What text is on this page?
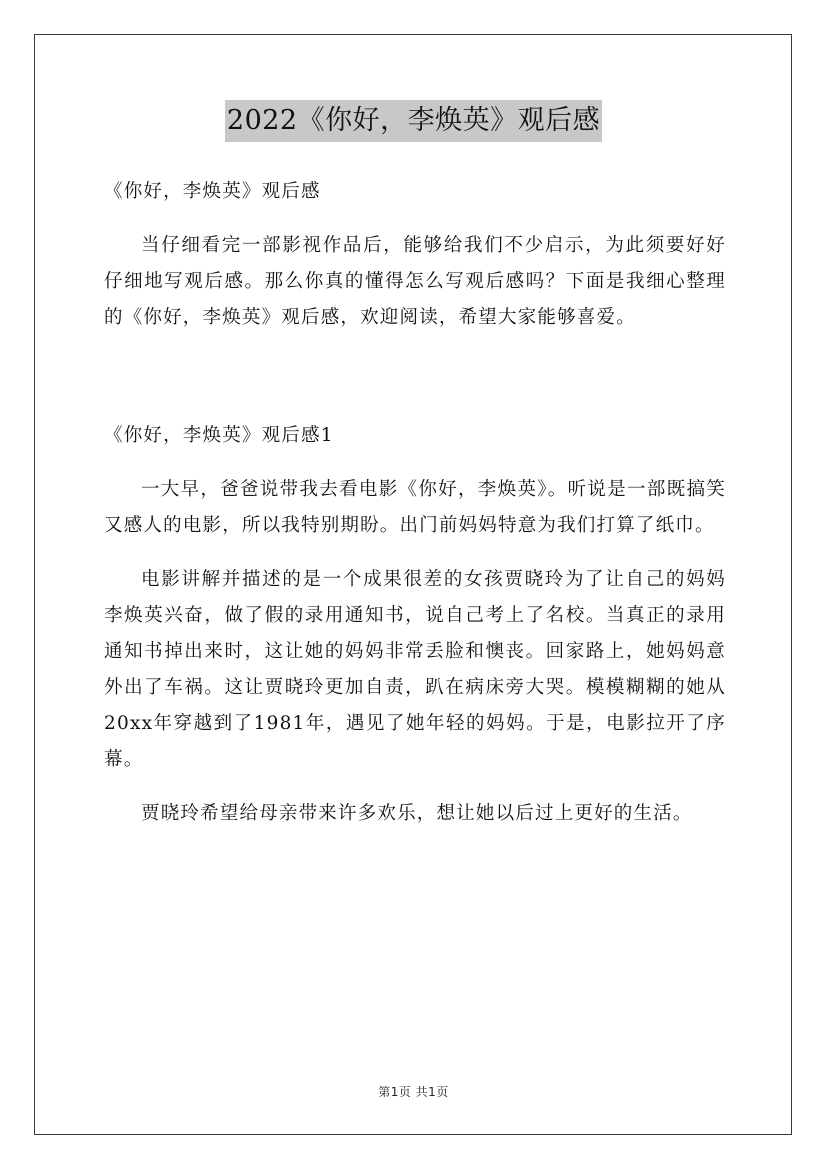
2022《你好，李焕英》观后感

《你好，李焕英》观后感

当仔细看完一部影视作品后，能够给我们不少启示，为此须要好好仔细地写观后感。那么你真的懂得怎么写观后感吗？下面是我细心整理的《你好，李焕英》观后感，欢迎阅读，希望大家能够喜爱。

《你好，李焕英》观后感1

一大早，爸爸说带我去看电影《你好，李焕英》。听说是一部既搞笑又感人的电影，所以我特别期盼。出门前妈妈特意为我们打算了纸巾。

电影讲解并描述的是一个成果很差的女孩贾晓玲为了让自己的妈妈李焕英兴奋，做了假的录用通知书，说自己考上了名校。当真正的录用通知书掉出来时，这让她的妈妈非常丢脸和懊丧。回家路上，她妈妈意外出了车祸。这让贾晓玲更加自责，趴在病床旁大哭。模模糊糊的她从20xx年穿越到了1981年，遇见了她年轻的妈妈。于是，电影拉开了序幕。

贾晓玲希望给母亲带来许多欢乐，想让她以后过上更好的生活。

第1页 共1页
